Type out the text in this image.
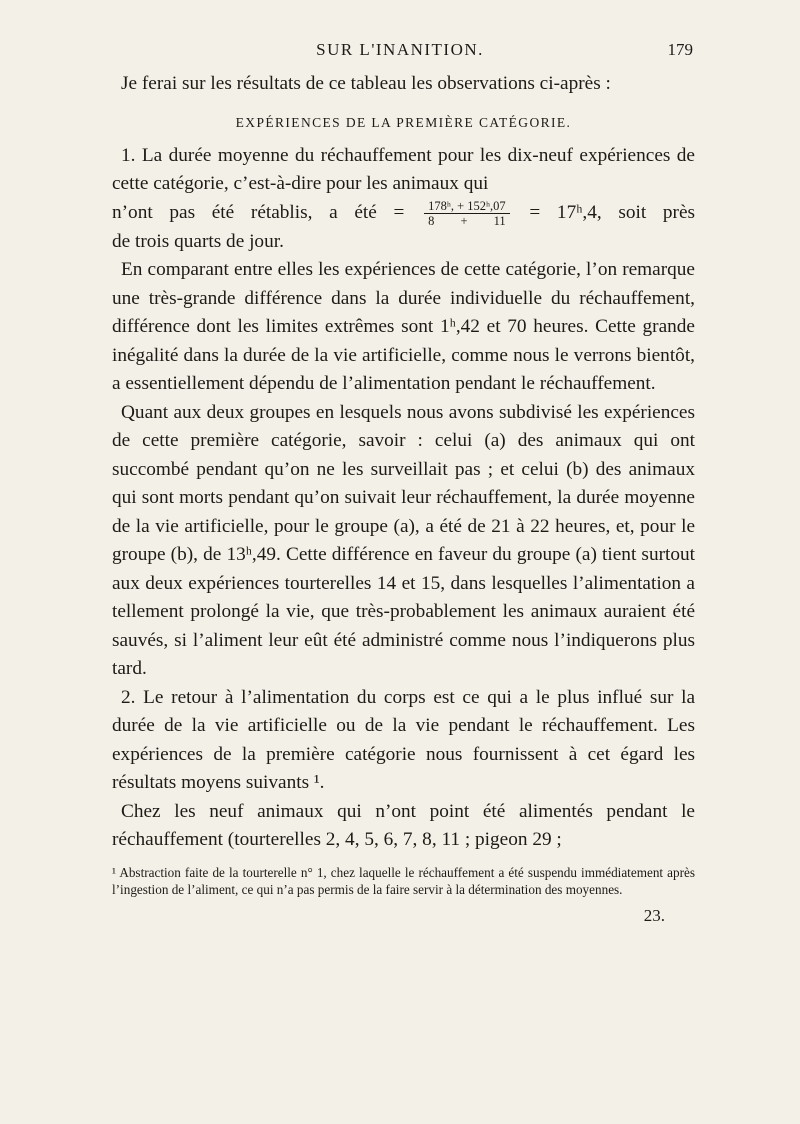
SUR L'INANITION.	179

Je ferai sur les résultats de ce tableau les observations ci-après :

EXPÉRIENCES DE LA PREMIÈRE CATÉGORIE.

1. La durée moyenne du réchauffement pour les dix-neuf expériences de cette catégorie, c’est-à-dire pour les animaux qui

n’ont pas été rétablis, a été = $\frac{\text{178ʰ, + 152ʰ,07}}{8 + 11}$ = 17ʰ,4, soit près

de trois quarts de jour.

En comparant entre elles les expériences de cette catégorie, l’on remarque une très-grande différence dans la durée individuelle du réchauffement, différence dont les limites extrêmes sont 1ʰ,42 et 70 heures. Cette grande inégalité dans la durée de la vie artificielle, comme nous le verrons bientôt, a essentiellement dépendu de l’alimentation pendant le réchauffement.

Quant aux deux groupes en lesquels nous avons subdivisé les expériences de cette première catégorie, savoir : celui (a) des animaux qui ont succombé pendant qu’on ne les surveillait pas ; et celui (b) des animaux qui sont morts pendant qu’on suivait leur réchauffement, la durée moyenne de la vie artificielle, pour le groupe (a), a été de 21 à 22 heures, et, pour le groupe (b), de 13ʰ,49. Cette différence en faveur du groupe (a) tient surtout aux deux expériences tourterelles 14 et 15, dans lesquelles l’alimentation a tellement prolongé la vie, que très-probablement les animaux auraient été sauvés, si l’aliment leur eût été administré comme nous l’indiquerons plus tard.

2. Le retour à l’alimentation du corps est ce qui a le plus influé sur la durée de la vie artificielle ou de la vie pendant le réchauffement. Les expériences de la première catégorie nous fournissent à cet égard les résultats moyens suivants ¹.

Chez les neuf animaux qui n’ont point été alimentés pendant le réchauffement (tourterelles 2, 4, 5, 6, 7, 8, 11 ; pigeon 29 ;

¹ Abstraction faite de la tourterelle n° 1, chez laquelle le réchauffement a été suspendu immédiatement après l’ingestion de l’aliment, ce qui n’a pas permis de la faire servir à la détermination des moyennes.
23.
